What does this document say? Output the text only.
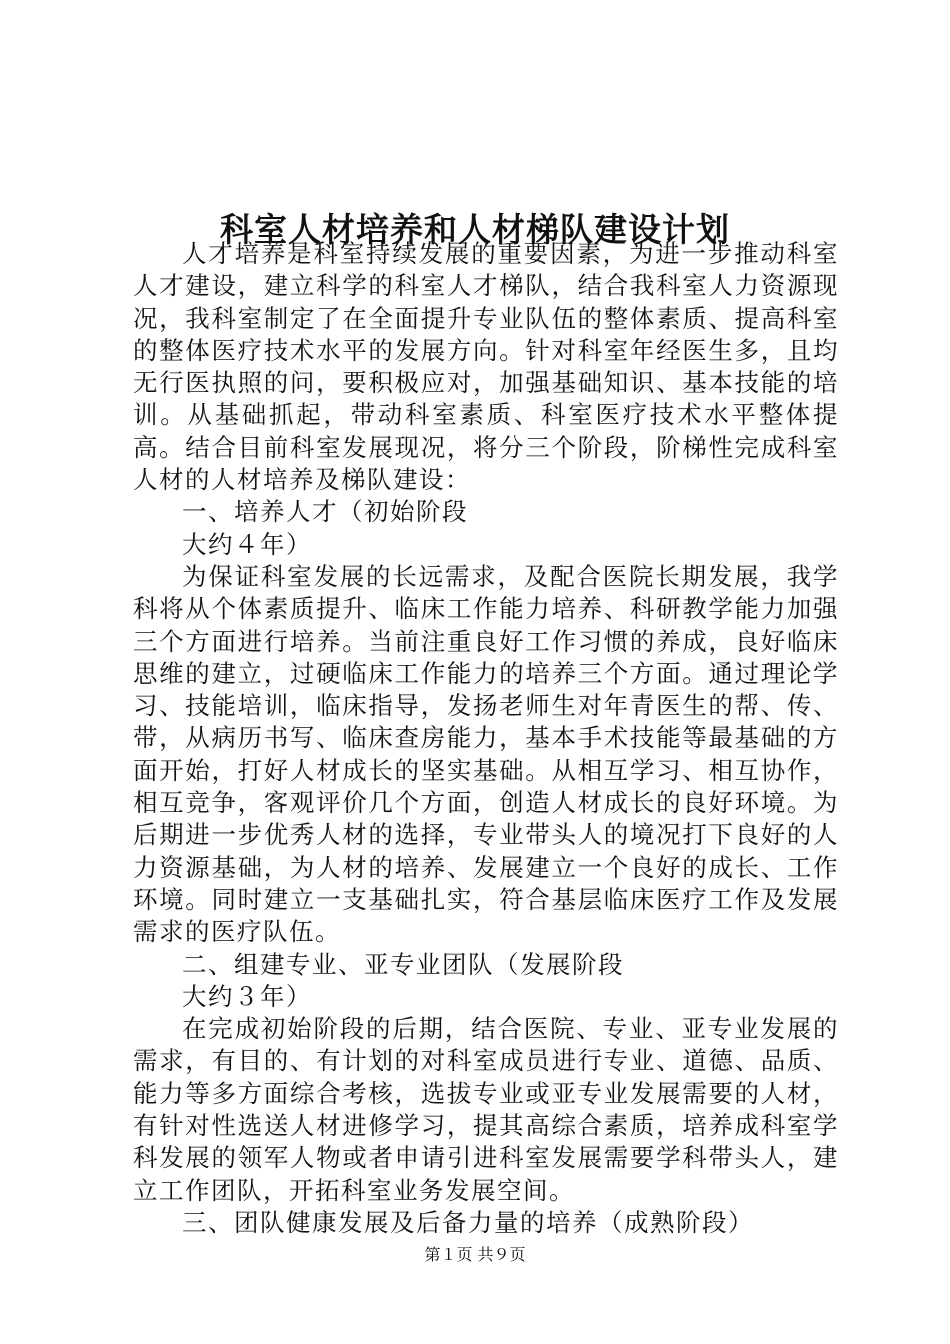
科室人材培养和人材梯队建设计划

人才培养是科室持续发展的重要因素，为进一步推动科室人才建设，建立科学的科室人才梯队，结合我科室人力资源现况，我科室制定了在全面提升专业队伍的整体素质、提高科室的整体医疗技术水平的发展方向。针对科室年经医生多，且均无行医执照的问，要积极应对，加强基础知识、基本技能的培训。从基础抓起，带动科室素质、科室医疗技术水平整体提高。结合目前科室发展现况，将分三个阶段，阶梯性完成科室人材的人材培养及梯队建设：

一、培养人才（初始阶段

大约４年）

为保证科室发展的长远需求，及配合医院长期发展，我学科将从个体素质提升、临床工作能力培养、科研教学能力加强三个方面进行培养。当前注重良好工作习惯的养成，良好临床思维的建立，过硬临床工作能力的培养三个方面。通过理论学习、技能培训，临床指导，发扬老师生对年青医生的帮、传、带，从病历书写、临床查房能力，基本手术技能等最基础的方面开始，打好人材成长的坚实基础。从相互学习、相互协作，相互竞争，客观评价几个方面，创造人材成长的良好环境。为后期进一步优秀人材的选择，专业带头人的境况打下良好的人力资源基础，为人材的培养、发展建立一个良好的成长、工作环境。同时建立一支基础扎实，符合基层临床医疗工作及发展需求的医疗队伍。

二、组建专业、亚专业团队（发展阶段

大约３年）

在完成初始阶段的后期，结合医院、专业、亚专业发展的需求，有目的、有计划的对科室成员进行专业、道德、品质、能力等多方面综合考核，选拔专业或亚专业发展需要的人材，有针对性选送人材进修学习，提其高综合素质，培养成科室学科发展的领军人物或者申请引进科室发展需要学科带头人，建立工作团队，开拓科室业务发展空间。

三、团队健康发展及后备力量的培养（成熟阶段）

第１页 共９页
